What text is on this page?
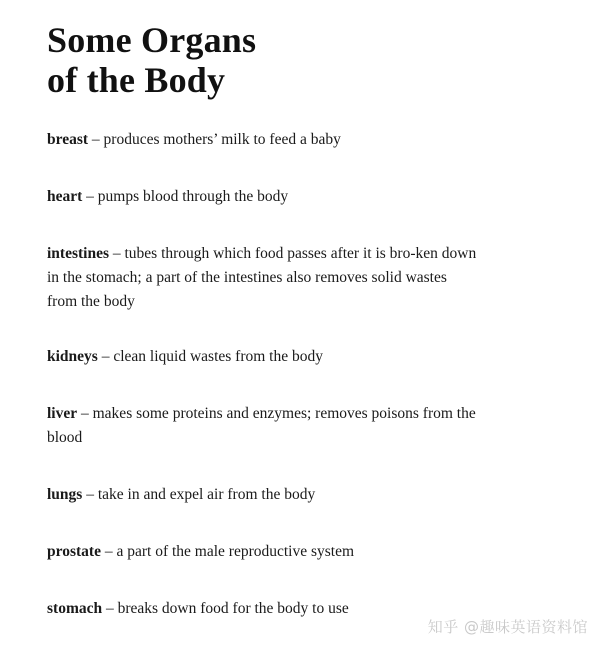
Some Organs
of the Body

breast – produces mothers’ milk to feed a baby

heart – pumps blood through the body

intestines – tubes through which food passes after it is bro-ken down in the stomach; a part of the intestines also removes solid wastes from the body

kidneys – clean liquid wastes from the body

liver – makes some proteins and enzymes; removes poisons from the blood

lungs – take in and expel air from the body

prostate – a part of the male reproductive system

stomach – breaks down food for the body to use

知乎 @趣味英语资料馆
